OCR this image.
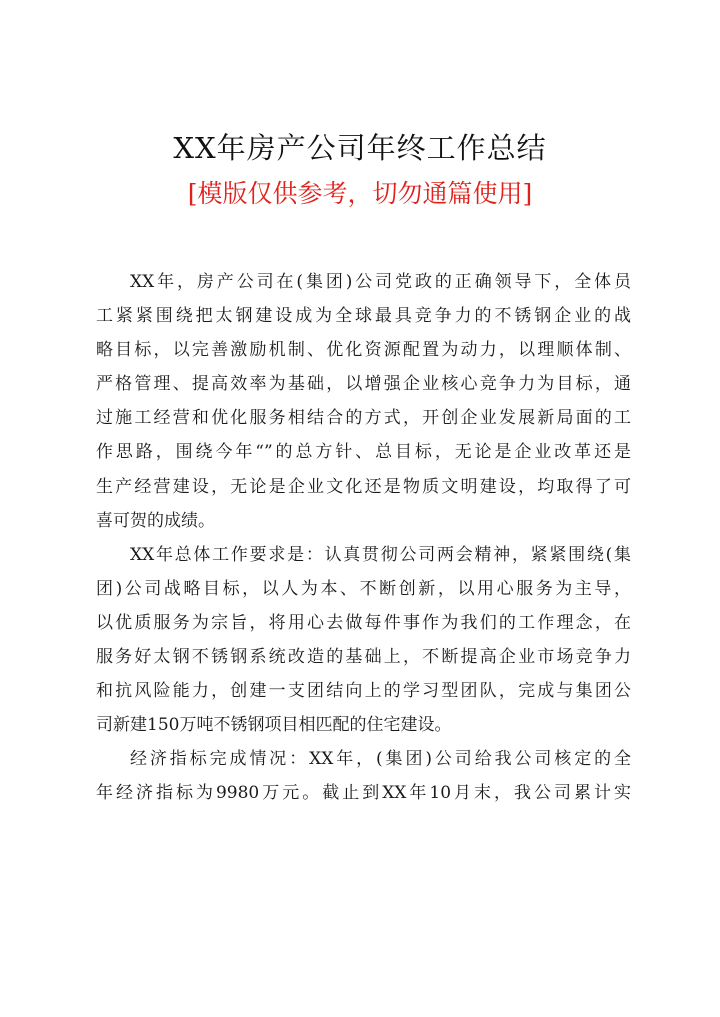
XX年房产公司年终工作总结
[模版仅供参考，切勿通篇使用]
XX年，房产公司在(集团)公司党政的正确领导下，全体员
工紧紧围绕把太钢建设成为全球最具竞争力的不锈钢企业的战
略目标，以完善激励机制、优化资源配置为动力，以理顺体制、
严格管理、提高效率为基础，以增强企业核心竞争力为目标，通
过施工经营和优化服务相结合的方式，开创企业发展新局面的工
作思路，围绕今年“”的总方针、总目标，无论是企业改革还是
生产经营建设，无论是企业文化还是物质文明建设，均取得了可
喜可贺的成绩。
XX年总体工作要求是：认真贯彻公司两会精神，紧紧围绕(集
团)公司战略目标，以人为本、不断创新，以用心服务为主导，
以优质服务为宗旨，将用心去做每件事作为我们的工作理念，在
服务好太钢不锈钢系统改造的基础上，不断提高企业市场竞争力
和抗风险能力，创建一支团结向上的学习型团队，完成与集团公
司新建150万吨不锈钢项目相匹配的住宅建设。
经济指标完成情况：XX年，(集团)公司给我公司核定的全
年经济指标为9980万元。截止到XX年10月末，我公司累计实
